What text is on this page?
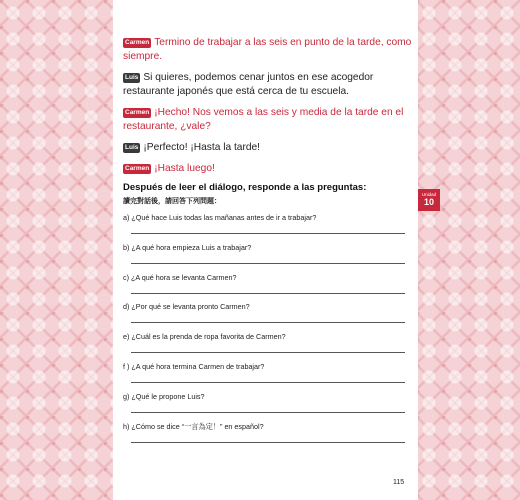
Carmen Termino de trabajar a las seis en punto de la tarde, como siempre.
Luis Si quieres, podemos cenar juntos en ese acogedor restaurante japonés que está cerca de tu escuela.
Carmen ¡Hecho! Nos vemos a las seis y media de la tarde en el restaurante, ¿vale?
Luis ¡Perfecto! ¡Hasta la tarde!
Carmen ¡Hasta luego!
Después de leer el diálogo, responde a las preguntas:
讀完對話後，請回答下列問題：
a) ¿Qué hace Luis todas las mañanas antes de ir a trabajar?
b) ¿A qué hora empieza Luis a trabajar?
c) ¿A qué hora se levanta Carmen?
d) ¿Por qué se levanta pronto Carmen?
e) ¿Cuál es la prenda de ropa favorita de Carmen?
f ) ¿A qué hora termina Carmen de trabajar?
g) ¿Qué le propone Luis?
h) ¿Cómo se dice “一言為定！” en español?
Unidad
10
115
